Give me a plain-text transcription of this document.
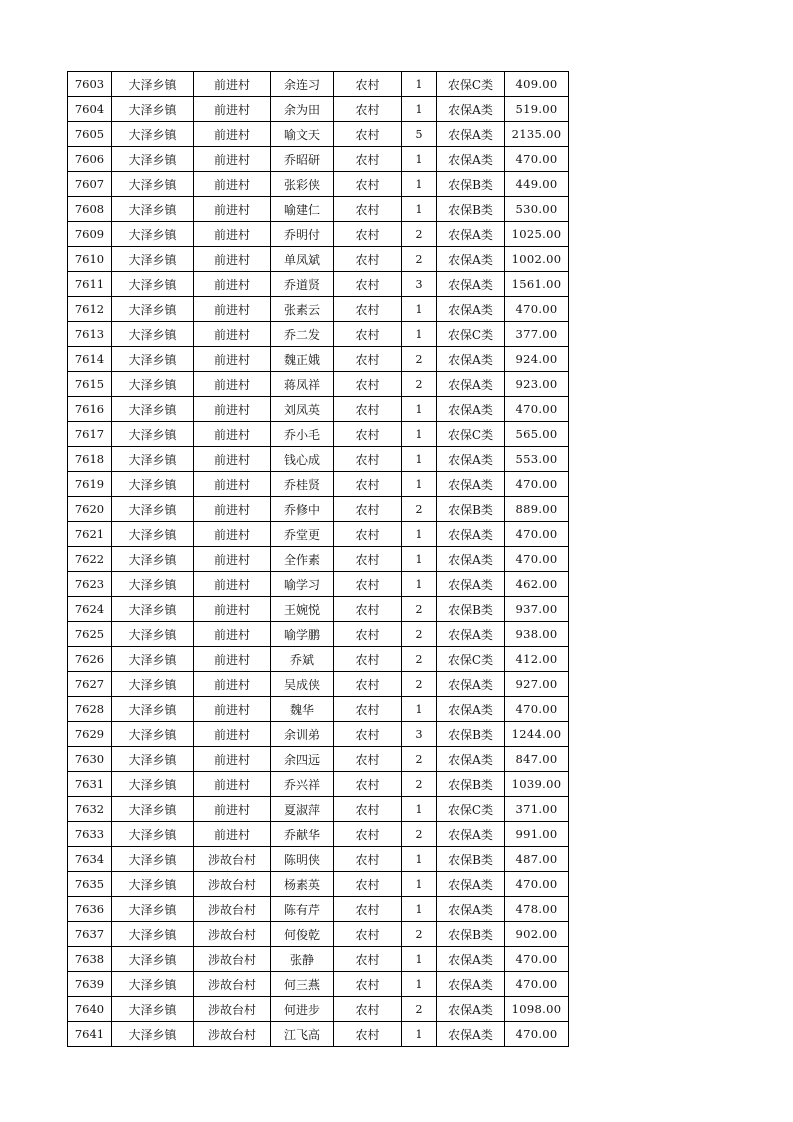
7603	大泽乡镇	前进村	余连习	农村	1	农保C类	409.00
7604	大泽乡镇	前进村	余为田	农村	1	农保A类	519.00
7605	大泽乡镇	前进村	喻文天	农村	5	农保A类	2135.00
7606	大泽乡镇	前进村	乔昭研	农村	1	农保A类	470.00
7607	大泽乡镇	前进村	张彩侠	农村	1	农保B类	449.00
7608	大泽乡镇	前进村	喻建仁	农村	1	农保B类	530.00
7609	大泽乡镇	前进村	乔明付	农村	2	农保A类	1025.00
7610	大泽乡镇	前进村	单凤斌	农村	2	农保A类	1002.00
7611	大泽乡镇	前进村	乔道贤	农村	3	农保A类	1561.00
7612	大泽乡镇	前进村	张素云	农村	1	农保A类	470.00
7613	大泽乡镇	前进村	乔二发	农村	1	农保C类	377.00
7614	大泽乡镇	前进村	魏正娥	农村	2	农保A类	924.00
7615	大泽乡镇	前进村	蒋凤祥	农村	2	农保A类	923.00
7616	大泽乡镇	前进村	刘凤英	农村	1	农保A类	470.00
7617	大泽乡镇	前进村	乔小毛	农村	1	农保C类	565.00
7618	大泽乡镇	前进村	钱心成	农村	1	农保A类	553.00
7619	大泽乡镇	前进村	乔桂贤	农村	1	农保A类	470.00
7620	大泽乡镇	前进村	乔修中	农村	2	农保B类	889.00
7621	大泽乡镇	前进村	乔堂更	农村	1	农保A类	470.00
7622	大泽乡镇	前进村	全作素	农村	1	农保A类	470.00
7623	大泽乡镇	前进村	喻学习	农村	1	农保A类	462.00
7624	大泽乡镇	前进村	王婉悦	农村	2	农保B类	937.00
7625	大泽乡镇	前进村	喻学鹏	农村	2	农保A类	938.00
7626	大泽乡镇	前进村	乔斌	农村	2	农保C类	412.00
7627	大泽乡镇	前进村	吴成侠	农村	2	农保A类	927.00
7628	大泽乡镇	前进村	魏华	农村	1	农保A类	470.00
7629	大泽乡镇	前进村	余训弟	农村	3	农保B类	1244.00
7630	大泽乡镇	前进村	余四远	农村	2	农保A类	847.00
7631	大泽乡镇	前进村	乔兴祥	农村	2	农保B类	1039.00
7632	大泽乡镇	前进村	夏淑萍	农村	1	农保C类	371.00
7633	大泽乡镇	前进村	乔献华	农村	2	农保A类	991.00
7634	大泽乡镇	涉故台村	陈明侠	农村	1	农保B类	487.00
7635	大泽乡镇	涉故台村	杨素英	农村	1	农保A类	470.00
7636	大泽乡镇	涉故台村	陈有芹	农村	1	农保A类	478.00
7637	大泽乡镇	涉故台村	何俊乾	农村	2	农保B类	902.00
7638	大泽乡镇	涉故台村	张静	农村	1	农保A类	470.00
7639	大泽乡镇	涉故台村	何三燕	农村	1	农保A类	470.00
7640	大泽乡镇	涉故台村	何进步	农村	2	农保A类	1098.00
7641	大泽乡镇	涉故台村	江飞高	农村	1	农保A类	470.00
